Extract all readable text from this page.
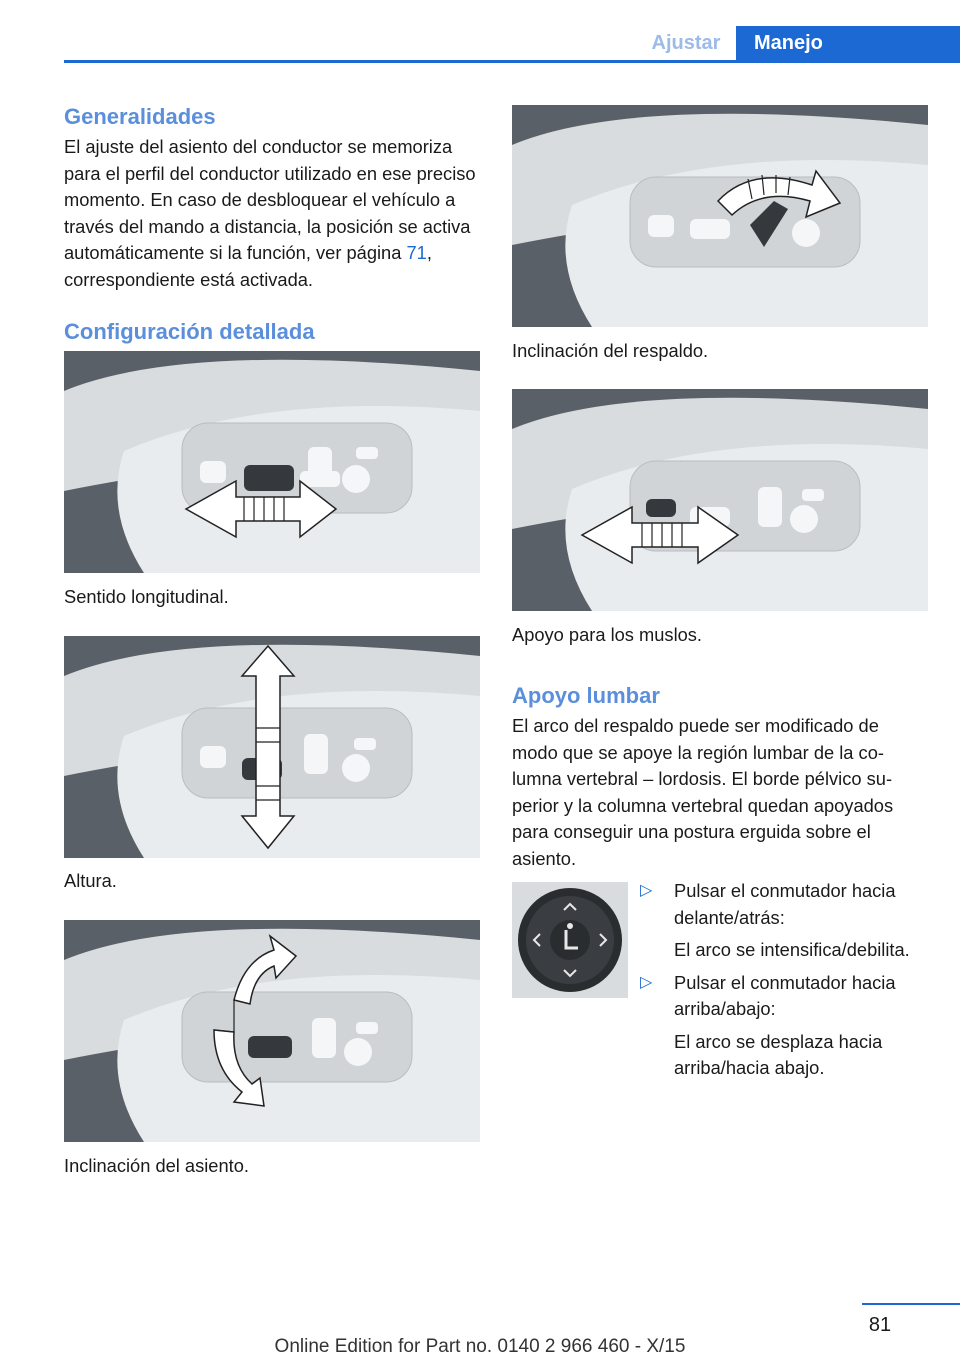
Ajustar	Manejo
Generalidades

El ajuste del asiento del conductor se memoriza para el perfil del conductor utilizado en ese preciso momento. En caso de desbloquear el vehículo a través del mando a distancia, la posición se activa automáticamente si la función, ver página 71, correspondiente está activada.

Configuración detallada
Sentido longitudinal.
Altura.
Inclinación del asiento.
Inclinación del respaldo.
Apoyo para los muslos.
Apoyo lumbar

El arco del respaldo puede ser modificado de modo que se apoye la región lumbar de la columna vertebral – lordosis. El borde pélvico superior y la columna vertebral quedan apoyados para conseguir una postura erguida sobre el asiento.

▷ Pulsar el conmutador hacia delante/atrás:

El arco se intensifica/debilita.

▷ Pulsar el conmutador hacia arriba/abajo:

El arco se desplaza hacia arriba/hacia abajo.

81
Online Edition for Part no. 0140 2 966 460 - X/15
